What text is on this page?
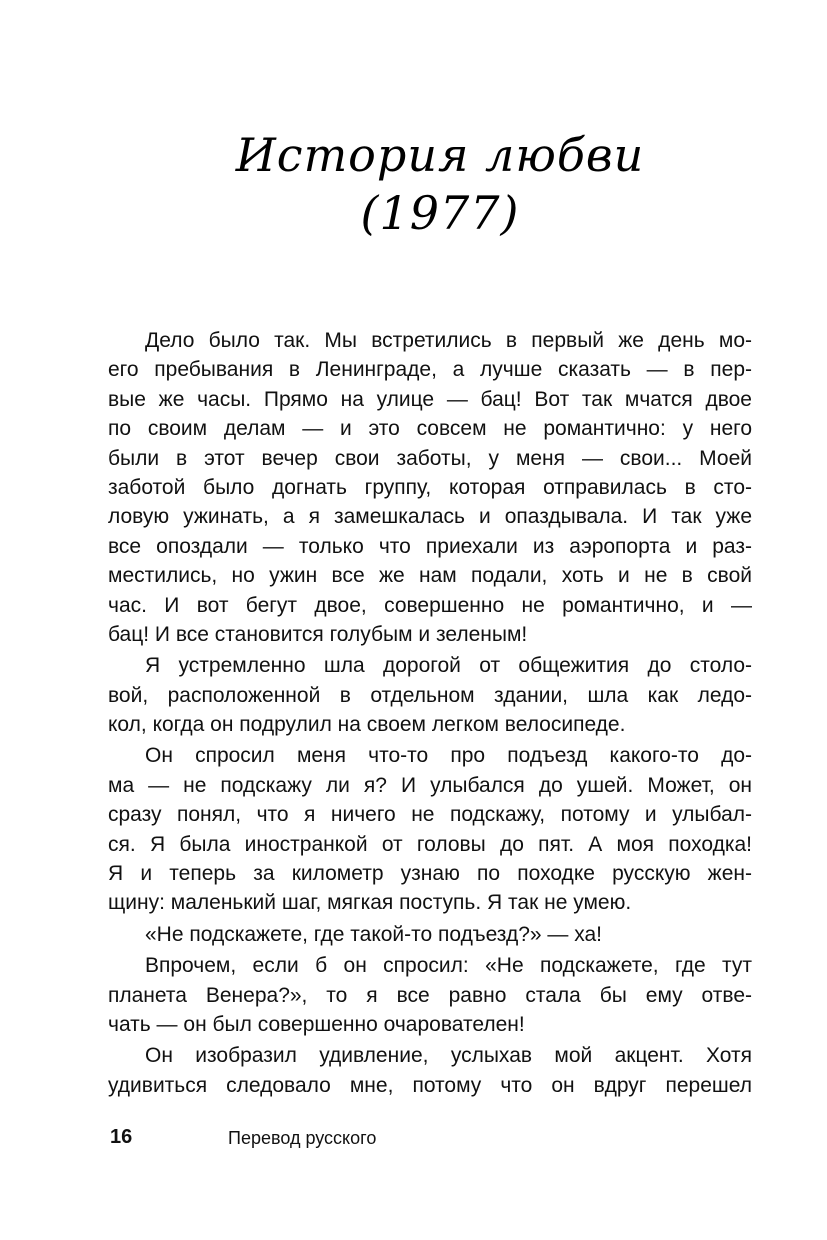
История любви
(1977)
Дело было так. Мы встретились в первый же день мо-
его пребывания в Ленинграде, а лучше сказать — в пер-
вые же часы. Прямо на улице — бац! Вот так мчатся двое
по своим делам — и это совсем не романтично: у него
были в этот вечер свои заботы, у меня — свои... Моей
заботой было догнать группу, которая отправилась в сто-
ловую ужинать, а я замешкалась и опаздывала. И так уже
все опоздали — только что приехали из аэропорта и раз-
местились, но ужин все же нам подали, хоть и не в свой
час. И вот бегут двое, совершенно не романтично, и —
бац! И все становится голубым и зеленым!
Я устремленно шла дорогой от общежития до столо-
вой, расположенной в отдельном здании, шла как ледо-
кол, когда он подрулил на своем легком велосипеде.
Он спросил меня что-то про подъезд какого-то до-
ма — не подскажу ли я? И улыбался до ушей. Может, он
сразу понял, что я ничего не подскажу, потому и улыбал-
ся. Я была иностранкой от головы до пят. А моя походка!
Я и теперь за километр узнаю по походке русскую жен-
щину: маленький шаг, мягкая поступь. Я так не умею.
«Не подскажете, где такой-то подъезд?» — ха!
Впрочем, если б он спросил: «Не подскажете, где тут
планета Венера?», то я все равно стала бы ему отве-
чать — он был совершенно очарователен!
Он изобразил удивление, услыхав мой акцент. Хотя
удивиться следовало мне, потому что он вдруг перешел
16	Перевод русского
